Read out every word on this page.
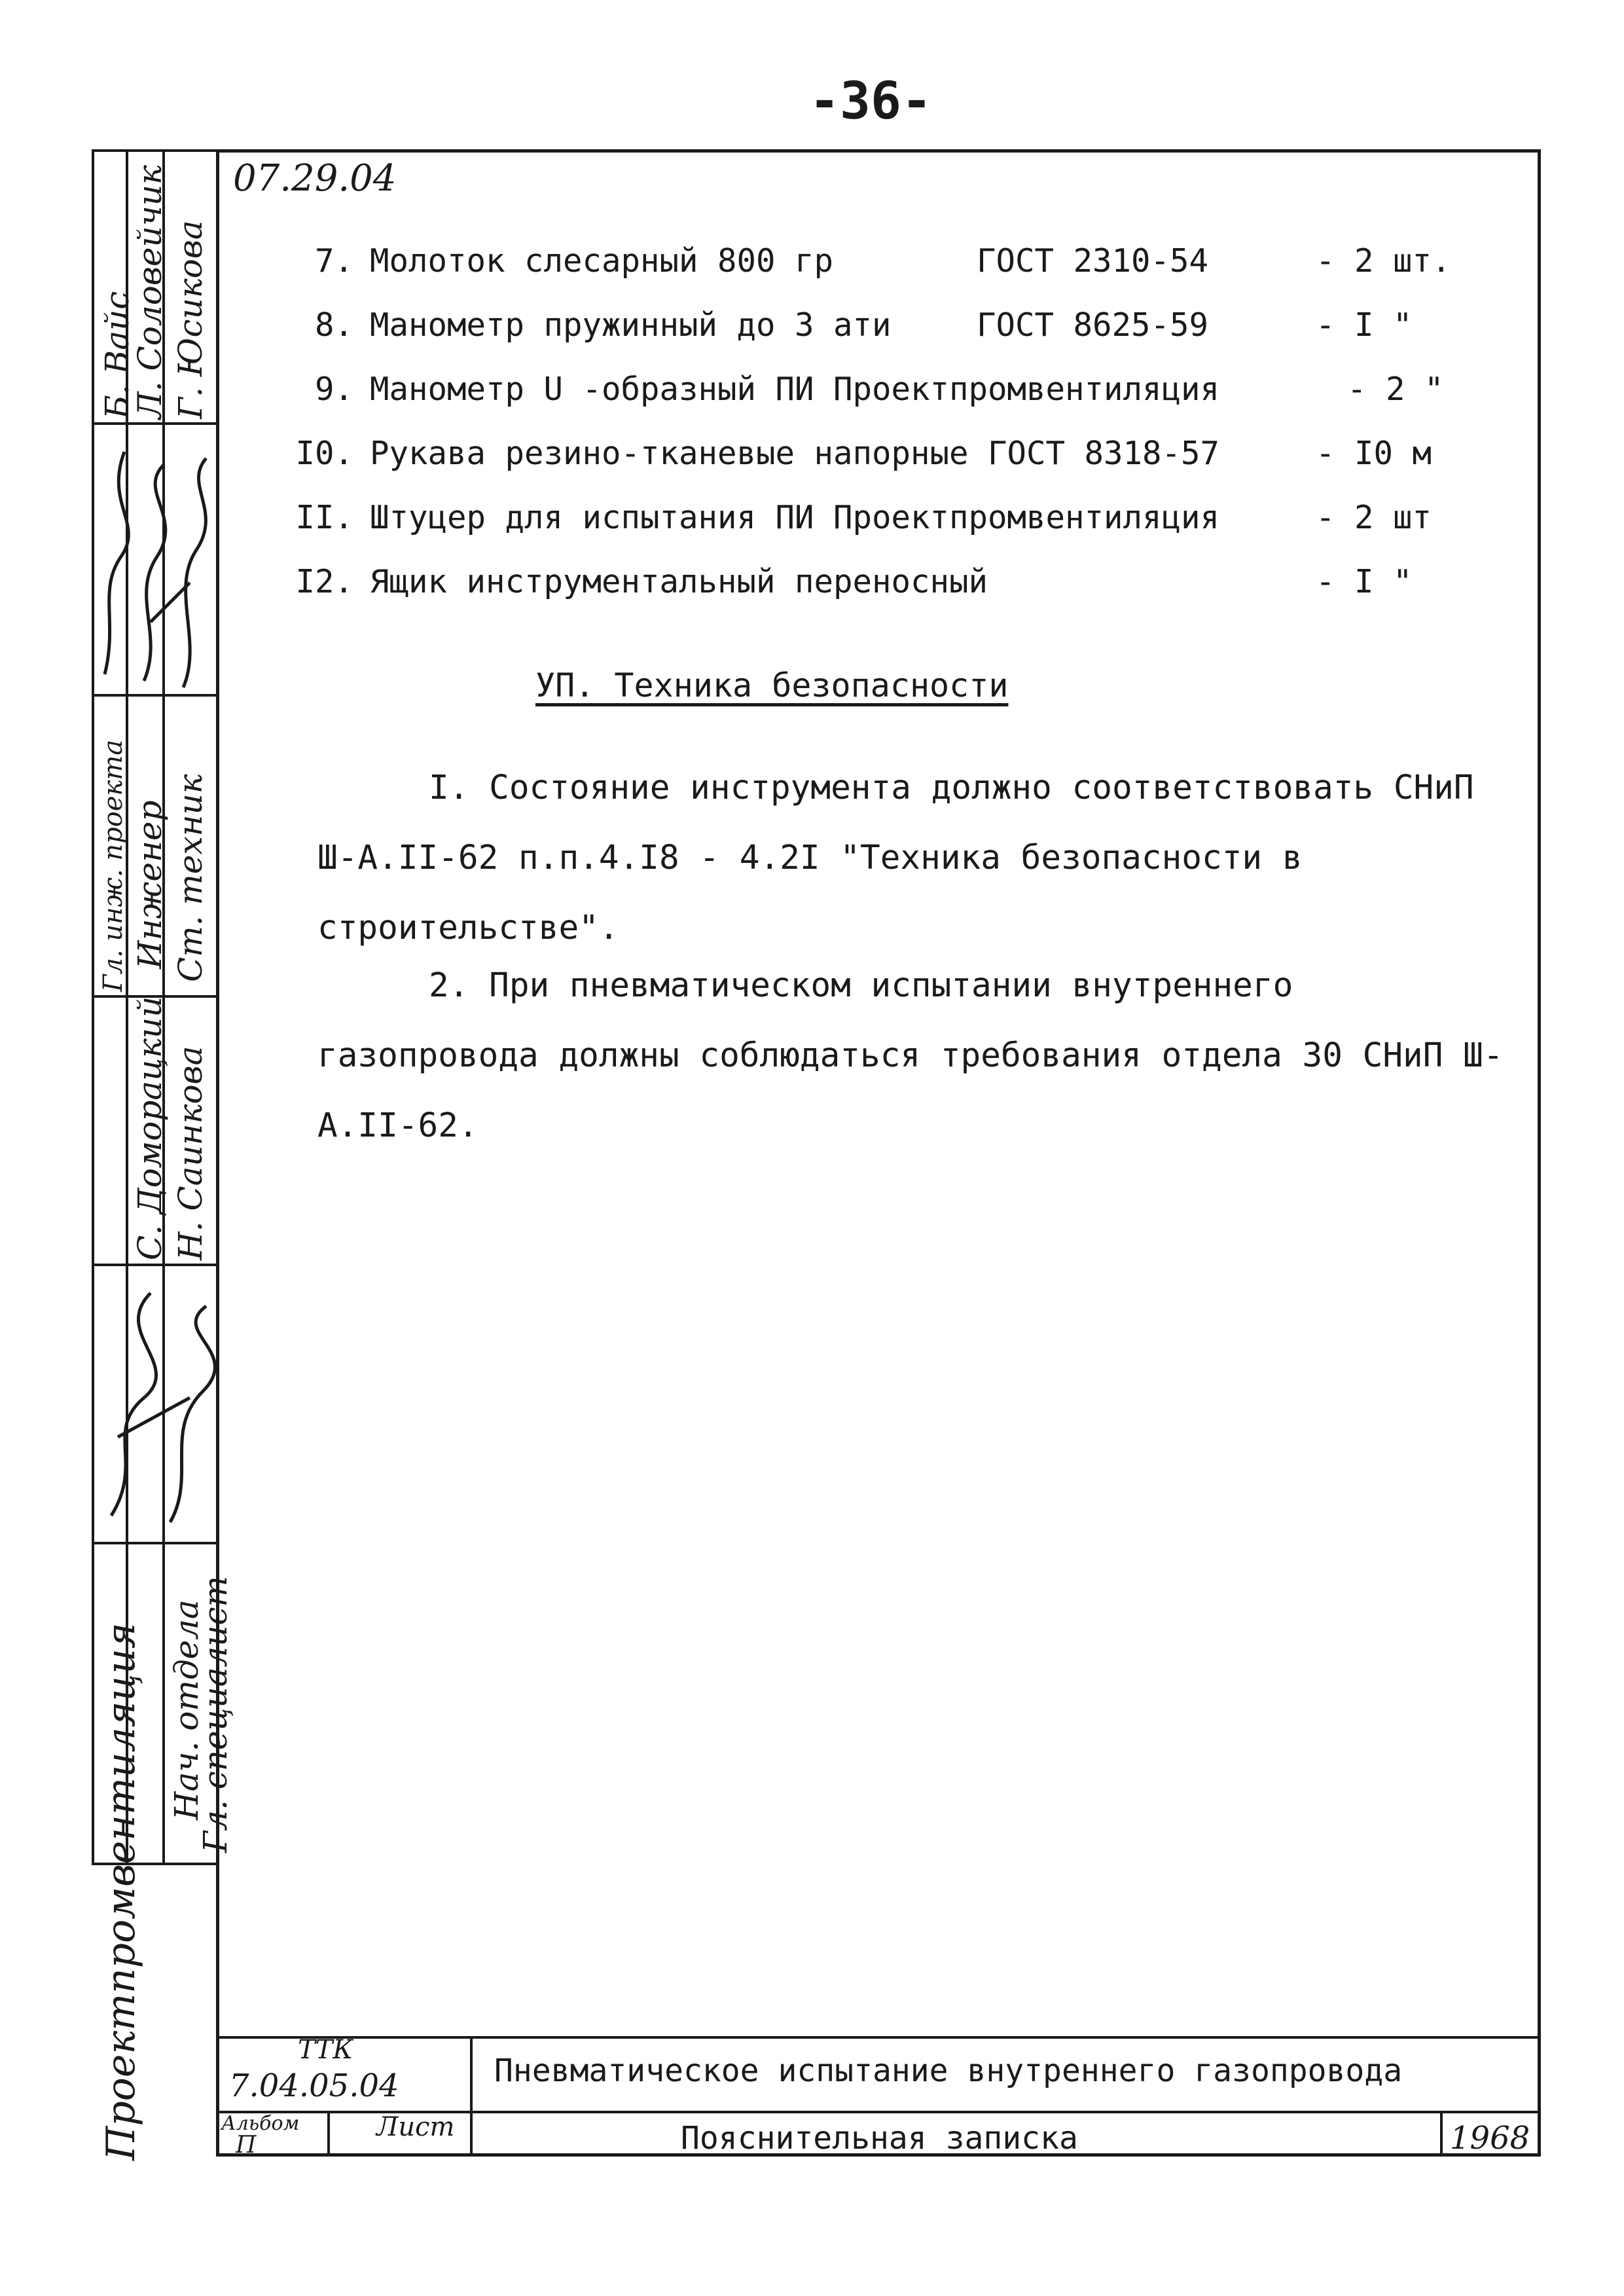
-36-
07.29.04
7. Молоток слесарный 800 гр	ГОСТ 2310-54	- 2 шт.
8. Манометр пружинный до 3 ати	ГОСТ 8625-59	- I "
9. Манометр U -образный ПИ Проектпромвентиляция	- 2 "
I0. Рукава резино-тканевые напорные ГОСТ 8318-57	- I0 м
II. Штуцер для испытания ПИ Проектпромвентиляция	- 2 шт
I2. Ящик инструментальный переносный	- I "
УП. Техника безопасности
I. Состояние инструмента должно соответствовать СНиП Ш-А.II-62 п.п.4.I8 - 4.2I "Техника безопасности в строительстве".
2. При пневматическом испытании внутреннего газопровода должны соблюдаться требования отдела 30 СНиП Ш-А.II-62.
Нач. отдела
Гл. специалист
Гл. инж. проекта Инженер Ст. техник
Б. Вайс
Л. Соловейчик Г. Юсикова
С. Доморацкий Н. Саинкова
Проектпромвентиляция	ТТК
7.04.05.04	Пневматическое испытание внутреннего газопровода
Альбом
П
Лист	Пояснительная записка	1968
